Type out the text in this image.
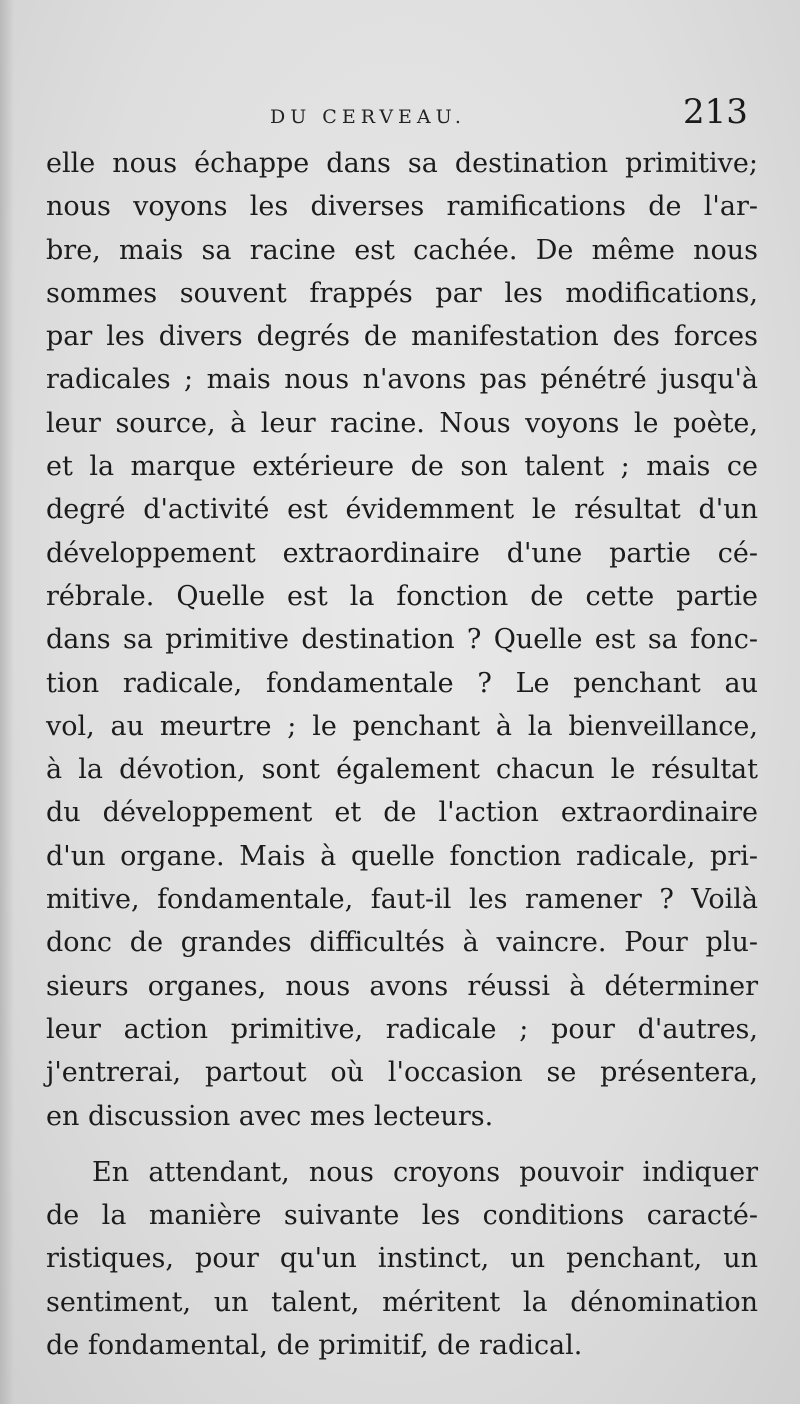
DU CERVEAU.	213
elle nous échappe dans sa destination primitive;
nous voyons les diverses ramifications de l'ar-
bre, mais sa racine est cachée. De même nous
sommes souvent frappés par les modifications,
par les divers degrés de manifestation des forces
radicales ; mais nous n'avons pas pénétré jusqu'à
leur source, à leur racine. Nous voyons le poète,
et la marque extérieure de son talent ; mais ce
degré d'activité est évidemment le résultat d'un
développement extraordinaire d'une partie cé-
rébrale. Quelle est la fonction de cette partie
dans sa primitive destination ? Quelle est sa fonc-
tion radicale, fondamentale ? Le penchant au
vol, au meurtre ; le penchant à la bienveillance,
à la dévotion, sont également chacun le résultat
du développement et de l'action extraordinaire
d'un organe. Mais à quelle fonction radicale, pri-
mitive, fondamentale, faut-il les ramener ? Voilà
donc de grandes difficultés à vaincre. Pour plu-
sieurs organes, nous avons réussi à déterminer
leur action primitive, radicale ; pour d'autres,
j'entrerai, partout où l'occasion se présentera,
en discussion avec mes lecteurs.
En attendant, nous croyons pouvoir indiquer
de la manière suivante les conditions caracté-
ristiques, pour qu'un instinct, un penchant, un
sentiment, un talent, méritent la dénomination
de fondamental, de primitif, de radical.
